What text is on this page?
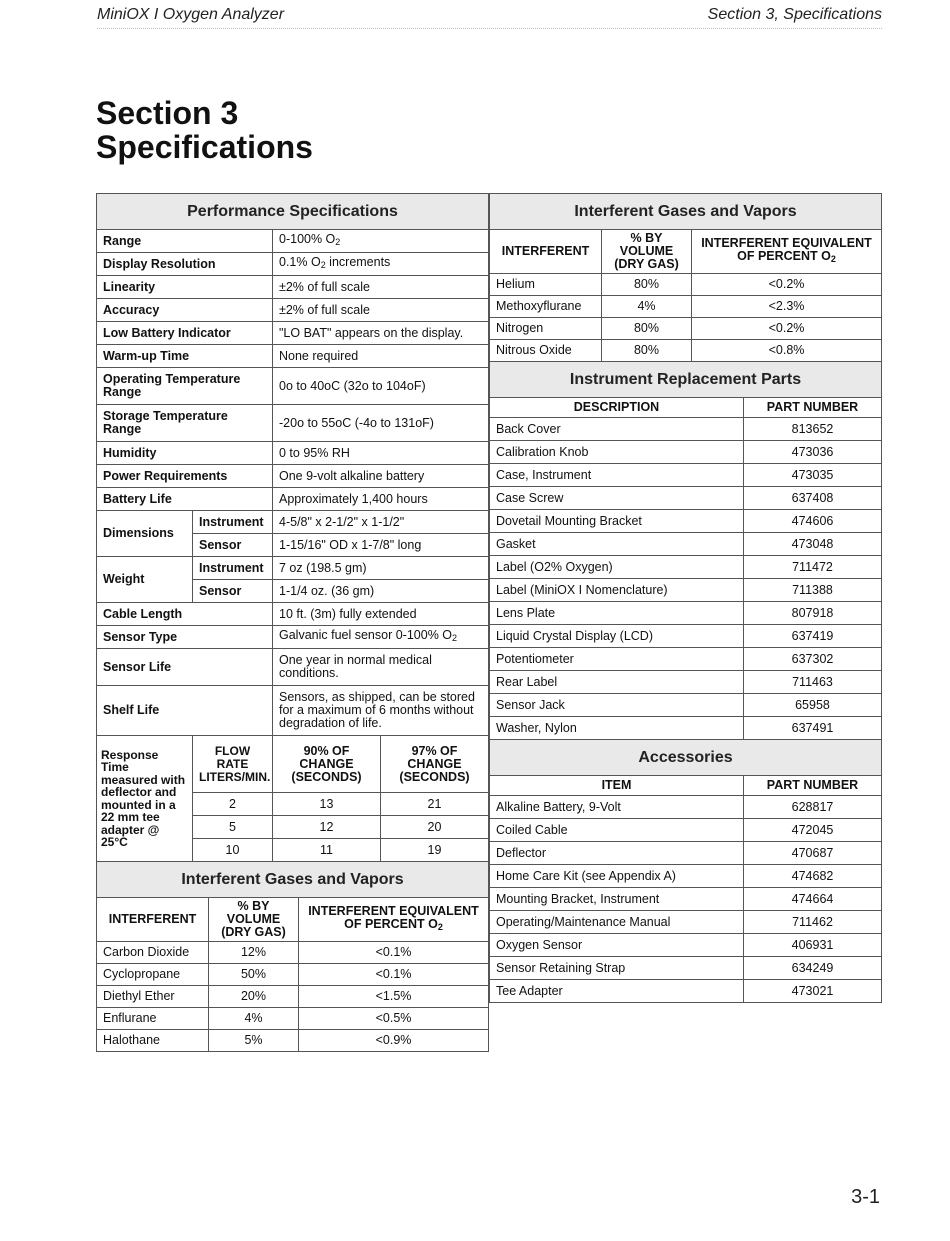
MiniOX I Oxygen Analyzer	Section 3, Specifications
Section 3
Specifications
Performance Specifications			
Range		0-100% $O_2$
Display Resolution		0.1% $O_2$ increments	
Linearity		±2% of full scale	
Accuracy		±2% of full scale	
Low Battery Indicator		"LO BAT" appears on the display.	
Warm-up Time		None required	
Operating Temperature Range		0o to 40oC (32o to 104oF)	
Storage Temperature Range		-20o to 55oC (-4o to 131oF)	
Humidity		0 to 95% RH	
Power Requirements		One 9-volt alkaline battery	
Battery Life		Approximately 1,400 hours	
Dimensions	Instrument	4-5/8" x 2-1/2" x 1-1/2"	
	Sensor	1-15/16" OD x 1-7/8" long	
Weight	Instrument	7 oz (198.5 gm)	
	Sensor	1-1/4 oz. (36 gm)	
Cable Length		10 ft. (3m) fully extended	
Sensor Type		Galvanic fuel sensor 0-100% $O_2$
Sensor Life		One year in normal medical conditions.	
Shelf Life		Sensors, as shipped, can be stored for a maximum of 6 months without degradation of life.	
Response Time measured with deflector and mounted in a 22 mm tee adapter @ 25°C	FLOW RATE LITERS/MIN.	90% OF CHANGE (SECONDS)	97% OF CHANGE (SECONDS)
	2	13	21
	5	12	20
	10	11	19
Interferent Gases and Vapors		
INTERFERENT	% BY VOLUME (DRY GAS)	INTERFERENT EQUIVALENT OF PERCENT $O_2$
Carbon Dioxide	12%	<0.1%
Cyclopropane	50%	<0.1%
Diethyl Ether	20%	<1.5%
Enflurane	4%	<0.5%
Halothane	5%	<0.9%
Interferent Gases and Vapors		
INTERFERENT	% BY VOLUME (DRY GAS)	INTERFERENT EQUIVALENT OF PERCENT $O_2$
Helium	80%	<0.2%
Methoxyflurane	4%	<2.3%
Nitrogen	80%	<0.2%
Nitrous Oxide	80%	<0.8%
Instrument Replacement Parts	
DESCRIPTION	PART NUMBER
Back Cover	813652
Calibration Knob	473036
Case, Instrument	473035
Case Screw	637408
Dovetail Mounting Bracket	474606
Gasket	473048
Label (O2% Oxygen)	711472
Label (MiniOX I Nomenclature)	711388
Lens Plate	807918
Liquid Crystal Display (LCD)	637419
Potentiometer	637302
Rear Label	711463
Sensor Jack	65958
Washer, Nylon	637491
Accessories	
ITEM	PART NUMBER
Alkaline Battery, 9-Volt	628817
Coiled Cable	472045
Deflector	470687
Home Care Kit (see Appendix A)	474682
Mounting Bracket, Instrument	474664
Operating/Maintenance Manual	711462
Oxygen Sensor	406931
Sensor Retaining Strap	634249
Tee Adapter	473021
3-1
